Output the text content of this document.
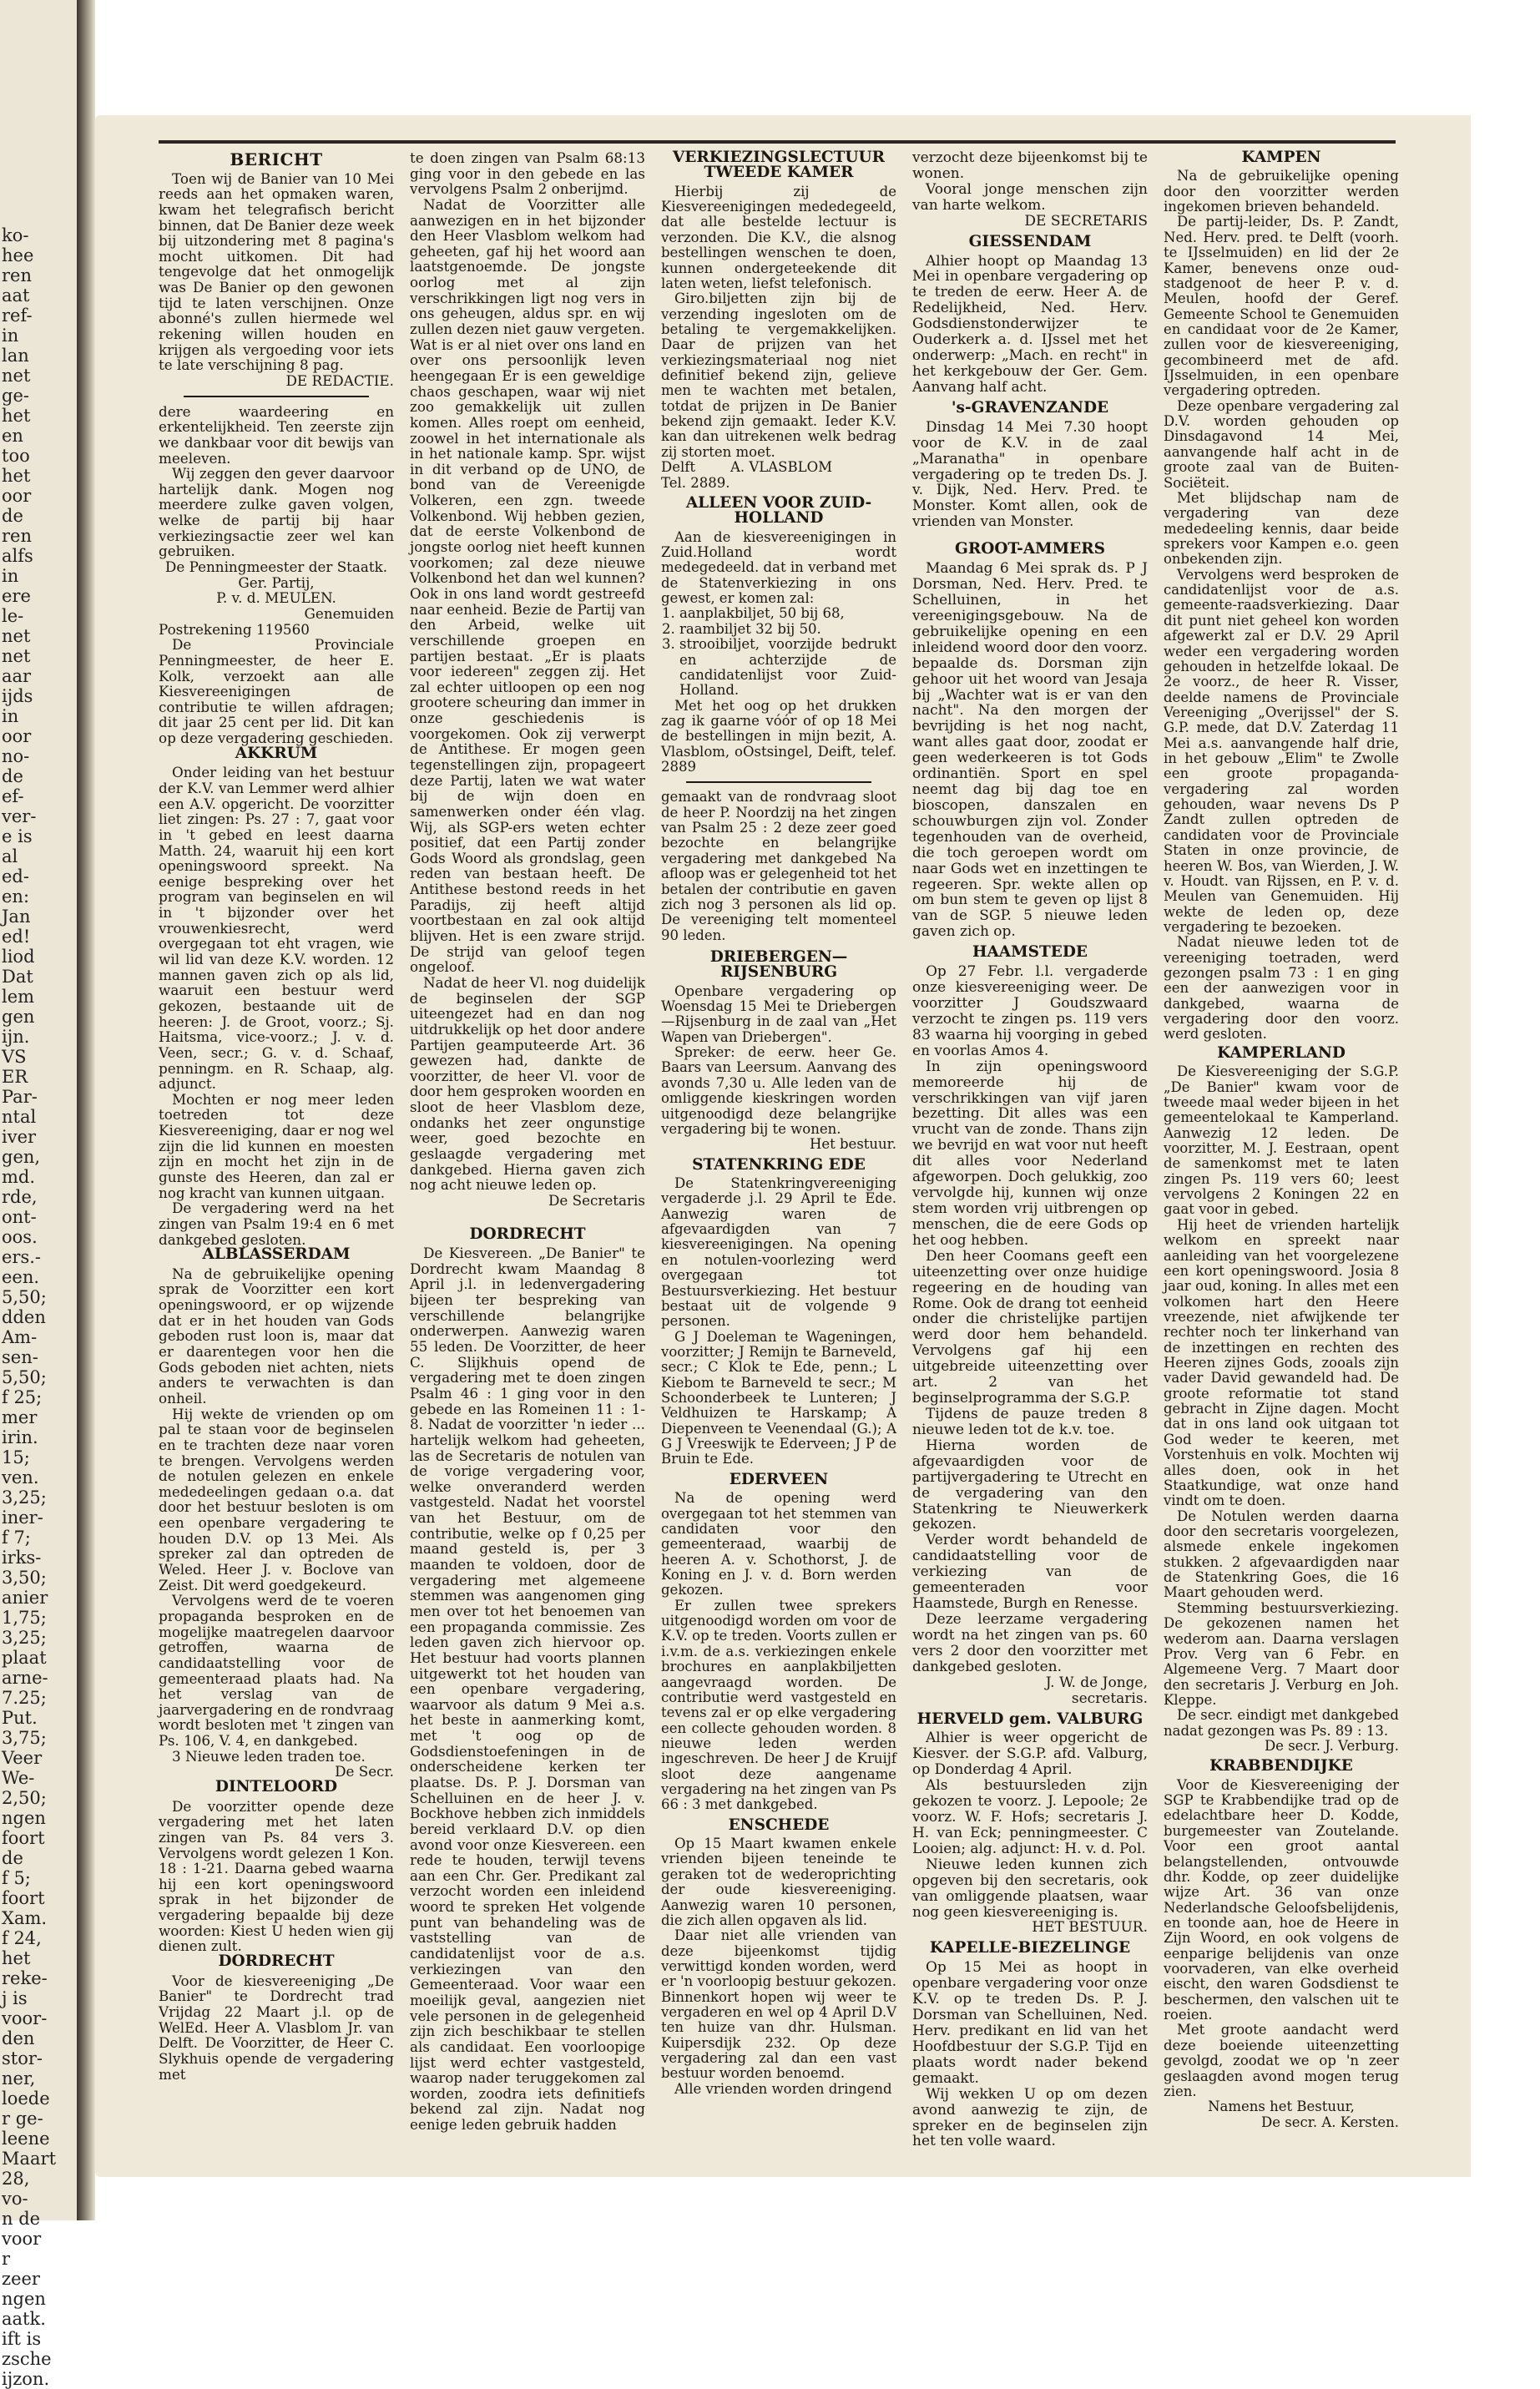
ko-
hee
ren
aat
ref-
in
lan
net
ge-
het
en
too
het
oor
de
ren
alfs
in
ere
le-
net
net
aar
ijds
in
oor
no-
de
ef-
ver-
e is
al
ed-
en:
Jan
ed!
liod
Dat
lem
gen
ijn.
VS
ER
Par-
ntal
iver
gen,
md.
rde,
ont-
oos.
ers.-
een.
5,50;
dden
Am-
sen-
5,50;
f 25;
mer
irin.
15;
ven.
3,25;
iner-
f 7;
irks-
3,50;
anier
1,75;
3,25;
plaat
arne-
7.25;
Put.
3,75;
Veer
We-
2,50;
ngen
foort
de
f 5;
foort
Xam.
f 24,
het
reke-
j is
voor-
den
stor-
ner,
loede
r ge-
leene
Maart
28,
vo-
n de
voor
r
zeer
ngen
aatk.
ift is
zsche
ijzon.
BERICHT

Toen wij de Banier van 10 Mei reeds aan het opmaken waren, kwam het telegrafisch bericht binnen, dat De Banier deze week bij uitzondering met 8 pagina's mocht uitkomen. Dit had tengevolge dat het onmogelijk was De Banier op den gewonen tijd te laten verschijnen. Onze abonné's zullen hiermede wel rekening willen houden en krijgen als vergoeding voor iets te late verschijning 8 pag.

DE REDACTIE.

dere waardeering en erkentelijkheid. Ten zeerste zijn we dankbaar voor dit bewijs van meeleven.

Wij zeggen den gever daarvoor hartelijk dank. Mogen nog meerdere zulke gaven volgen, welke de partij bij haar verkiezingsactie zeer wel kan gebruiken.

De Penningmeester der Staatk. Ger. Partij,

P. v. d. MEULEN.

Genemuiden

Postrekening 119560

De Provinciale Penningmeester, de heer E. Kolk, verzoekt aan alle Kiesvereenigingen de contributie te willen afdragen; dit jaar 25 cent per lid. Dit kan op deze vergadering geschieden.

AKKRUM

Onder leiding van het bestuur der K.V. van Lemmer werd alhier een A.V. opgericht. De voorzitter liet zingen: Ps. 27 : 7, gaat voor in 't gebed en leest daarna Matth. 24, waaruit hij een kort openingswoord spreekt. Na eenige bespreking over het program van beginselen en wil in 't bijzonder over het vrouwenkiesrecht, werd overgegaan tot eht vragen, wie wil lid van deze K.V. worden. 12 mannen gaven zich op als lid, waaruit een bestuur werd gekozen, bestaande uit de heeren: J. de Groot, voorz.; Sj. Haitsma, vice-voorz.; J. v. d. Veen, secr.; G. v. d. Schaaf, penningm. en R. Schaap, alg. adjunct.

Mochten er nog meer leden toetreden tot deze Kiesvereeniging, daar er nog wel zijn die lid kunnen en moesten zijn en mocht het zijn in de gunste des Heeren, dan zal er nog kracht van kunnen uitgaan.

De vergadering werd na het zingen van Psalm 19:4 en 6 met dankgebed gesloten.

ALBLASSERDAM

Na de gebruikelijke opening sprak de Voorzitter een kort openingswoord, er op wijzende dat er in het houden van Gods geboden rust loon is, maar dat er daarentegen voor hen die Gods geboden niet achten, niets anders te verwachten is dan onheil.

Hij wekte de vrienden op om pal te staan voor de beginselen en te trachten deze naar voren te brengen. Vervolgens werden de notulen gelezen en enkele mededeelingen gedaan o.a. dat door het bestuur besloten is om een openbare vergadering te houden D.V. op 13 Mei. Als spreker zal dan optreden de Weled. Heer J. v. Boclove van Zeist. Dit werd goedgekeurd.

Vervolgens werd de te voeren propaganda besproken en de mogelijke maatregelen daarvoor getroffen, waarna de candidaatstelling voor de gemeenteraad plaats had. Na het verslag van de jaarvergadering en de rondvraag wordt besloten met 't zingen van Ps. 106, V. 4, en dankgebed.

3 Nieuwe leden traden toe.

De Secr.

DINTELOORD

De voorzitter opende deze vergadering met het laten zingen van Ps. 84 vers 3. Vervolgens wordt gelezen 1 Kon. 18 : 1-21. Daarna gebed waarna hij een kort openingswoord sprak in het bijzonder de vergadering bepaalde bij deze woorden: Kiest U heden wien gij dienen zult.

DORDRECHT

Voor de kiesvereeniging „De Banier" te Dordrecht trad Vrijdag 22 Maart j.l. op de WelEd. Heer A. Vlasblom Jr. van Delft. De Voorzitter, de Heer C. Slykhuis opende de vergadering met

te doen zingen van Psalm 68:13 ging voor in den gebede en las vervolgens Psalm 2 onberijmd.

Nadat de Voorzitter alle aanwezigen en in het bijzonder den Heer Vlasblom welkom had geheeten, gaf hij het woord aan laatstgenoemde. De jongste oorlog met al zijn verschrikkingen ligt nog vers in ons geheugen, aldus spr. en wij zullen dezen niet gauw vergeten. Wat is er al niet over ons land en over ons persoonlijk leven heengegaan Er is een geweldige chaos geschapen, waar wij niet zoo gemakkelijk uit zullen komen. Alles roept om eenheid, zoowel in het internationale als in het nationale kamp. Spr. wijst in dit verband op de UNO, de bond van de Vereenigde Volkeren, een zgn. tweede Volkenbond. Wij hebben gezien, dat de eerste Volkenbond de jongste oorlog niet heeft kunnen voorkomen; zal deze nieuwe Volkenbond het dan wel kunnen? Ook in ons land wordt gestreefd naar eenheid. Bezie de Partij van den Arbeid, welke uit verschillende groepen en partijen bestaat. „Er is plaats voor iedereen" zeggen zij. Het zal echter uitloopen op een nog grootere scheuring dan immer in onze geschiedenis is voorgekomen. Ook zij verwerpt de Antithese. Er mogen geen tegenstellingen zijn, propageert deze Partij, laten we wat water bij de wijn doen en samenwerken onder één vlag. Wij, als SGP-ers weten echter positief, dat een Partij zonder Gods Woord als grondslag, geen reden van bestaan heeft. De Antithese bestond reeds in het Paradijs, zij heeft altijd voortbestaan en zal ook altijd blijven. Het is een zware strijd. De strijd van geloof tegen ongeloof.

Nadat de heer Vl. nog duidelijk de beginselen der SGP uiteengezet had en dan nog uitdrukkelijk op het door andere Partijen geamputeerde Art. 36 gewezen had, dankte de voorzitter, de heer Vl. voor de door hem gesproken woorden en sloot de heer Vlasblom deze, ondanks het zeer ongunstige weer, goed bezochte en geslaagde vergadering met dankgebed. Hierna gaven zich nog acht nieuwe leden op.

De Secretaris

DORDRECHT

De Kiesvereen. „De Banier" te Dordrecht kwam Maandag 8 April j.l. in ledenvergadering bijeen ter bespreking van verschillende belangrijke onderwerpen. Aanwezig waren 55 leden. De Voorzitter, de heer C. Slijkhuis opend de vergadering met te doen zingen Psalm 46 : 1 ging voor in den gebede en las Romeinen 11 : 1-8. Nadat de voorzitter 'n ieder ... hartelijk welkom had geheeten, las de Secretaris de notulen van de vorige vergadering voor, welke onveranderd werden vastgesteld. Nadat het voorstel van het Bestuur, om de contributie, welke op f 0,25 per maand gesteld is, per 3 maanden te voldoen, door de vergadering met algemeene stemmen was aangenomen ging men over tot het benoemen van een propaganda commissie. Zes leden gaven zich hiervoor op. Het bestuur had voorts plannen uitgewerkt tot het houden van een openbare vergadering, waarvoor als datum 9 Mei a.s. het beste in aanmerking komt, met 't oog op de Godsdienstoefeningen in de onderscheidene kerken ter plaatse. Ds. P. J. Dorsman van Schelluinen en de heer J. v. Bockhove hebben zich inmiddels bereid verklaard D.V. op dien avond voor onze Kiesvereen. een rede te houden, terwijl tevens aan een Chr. Ger. Predikant zal verzocht worden een inleidend woord te spreken Het volgende punt van behandeling was de vaststelling van de candidatenlijst voor de a.s. verkiezingen van den Gemeenteraad. Voor waar een moeilijk geval, aangezien niet vele personen in de gelegenheid zijn zich beschikbaar te stellen als candidaat. Een voorloopige lijst werd echter vastgesteld, waarop nader teruggekomen zal worden, zoodra iets definitiefs bekend zal zijn. Nadat nog eenige leden gebruik hadden

VERKIEZINGSLECTUUR
TWEEDE KAMER

Hierbij zij de Kiesvereenigingen mededegeeld, dat alle bestelde lectuur is verzonden. Die K.V., die alsnog bestellingen wenschen te doen, kunnen ondergeteekende dit laten weten, liefst telefonisch.

Giro.biljetten zijn bij de verzending ingesloten om de betaling te vergemakkelijken. Daar de prijzen van het verkiezingsmateriaal nog niet definitief bekend zijn, gelieve men te wachten met betalen, totdat de prijzen in De Banier bekend zijn gemaakt. Ieder K.V. kan dan uitrekenen welk bedrag zij storten moet.

Delft	A. VLASBLOM

Tel. 2889.

ALLEEN VOOR ZUID-HOLLAND

Aan de kiesvereenigingen in Zuid.Holland wordt medegedeeld. dat in verband met de Statenverkiezing in ons gewest, er komen zal:

1. aanplakbiljet, 50 bij 68,
2. raambiljet 32 bij 50.
3. strooibiljet, voorzijde bedrukt en achterzijde de candidatenlijst voor Zuid-Holland.

Met het oog op het drukken zag ik gaarne vóór of op 18 Mei de bestellingen in mijn bezit, A. Vlasblom, oOstsingel, Deift, telef. 2889

gemaakt van de rondvraag sloot de heer P. Noordzij na het zingen van Psalm 25 : 2 deze zeer goed bezochte en belangrijke vergadering met dankgebed Na afloop was er gelegenheid tot het betalen der contributie en gaven zich nog 3 personen als lid op. De vereeniging telt momenteel 90 leden.

DRIEBERGEN—RIJSENBURG

Openbare vergadering op Woensdag 15 Mei te Driebergen—Rijsenburg in de zaal van „Het Wapen van Driebergen".

Spreker: de eerw. heer Ge. Baars van Leersum. Aanvang des avonds 7,30 u. Alle leden van de omliggende kieskringen worden uitgenoodigd deze belangrijke vergadering bij te wonen.

Het bestuur.

STATENKRING EDE

De Statenkringvereeniging vergaderde j.l. 29 April te Ede. Aanwezig waren de afgevaardigden van 7 kiesvereenigingen. Na opening en notulen-voorlezing werd overgegaan tot Bestuursverkiezing. Het bestuur bestaat uit de volgende 9 personen.

G J Doeleman te Wageningen, voorzitter; J Remijn te Barneveld, secr.; C Klok te Ede, penn.; L Kiebom te Barneveld te secr.; M Schoonderbeek te Lunteren; J Veldhuizen te Harskamp; A Diepenveen te Veenendaal (G.); A G J Vreeswijk te Ederveen; J P de Bruin te Ede.

EDERVEEN

Na de opening werd overgegaan tot het stemmen van candidaten voor den gemeenteraad, waarbij de heeren A. v. Schothorst, J. de Koning en J. v. d. Born werden gekozen.

Er zullen twee sprekers uitgenoodigd worden om voor de K.V. op te treden. Voorts zullen er i.v.m. de a.s. verkiezingen enkele brochures en aanplakbiljetten aangevraagd worden. De contributie werd vastgesteld en tevens zal er op elke vergadering een collecte gehouden worden. 8 nieuwe leden werden ingeschreven. De heer J de Kruijf sloot deze aangename vergadering na het zingen van Ps 66 : 3 met dankgebed.

ENSCHEDE

Op 15 Maart kwamen enkele vrienden bijeen teneinde te geraken tot de wederoprichting der oude kiesvereeniging. Aanwezig waren 10 personen, die zich allen opgaven als lid.

Daar niet alle vrienden van deze bijeenkomst tijdig verwittigd konden worden, werd er 'n voorloopig bestuur gekozen. Binnenkort hopen wij weer te vergaderen en wel op 4 April D.V ten huize van dhr. Hulsman. Kuipersdijk 232. Op deze vergadering zal dan een vast bestuur worden benoemd.

Alle vrienden worden dringend

verzocht deze bijeenkomst bij te wonen.

Vooral jonge menschen zijn van harte welkom.

DE SECRETARIS

GIESSENDAM

Alhier hoopt op Maandag 13 Mei in openbare vergadering op te treden de eerw. Heer A. de Redelijkheid, Ned. Herv. Godsdienstonderwijzer te Ouderkerk a. d. IJssel met het onderwerp: „Mach. en recht" in het kerkgebouw der Ger. Gem. Aanvang half acht.

's-GRAVENZANDE

Dinsdag 14 Mei 7.30 hoopt voor de K.V. in de zaal „Maranatha" in openbare vergadering op te treden Ds. J. v. Dijk, Ned. Herv. Pred. te Monster. Komt allen, ook de vrienden van Monster.

GROOT-AMMERS

Maandag 6 Mei sprak ds. P J Dorsman, Ned. Herv. Pred. te Schelluinen, in het vereenigingsgebouw. Na de gebruikelijke opening en een inleidend woord door den voorz. bepaalde ds. Dorsman zijn gehoor uit het woord van Jesaja bij „Wachter wat is er van den nacht". Na den morgen der bevrijding is het nog nacht, want alles gaat door, zoodat er geen wederkeeren is tot Gods ordinantiën. Sport en spel neemt dag bij dag toe en bioscopen, danszalen en schouwburgen zijn vol. Zonder tegenhouden van de overheid, die toch geroepen wordt om naar Gods wet en inzettingen te regeeren. Spr. wekte allen op om bun stem te geven op lijst 8 van de SGP. 5 nieuwe leden gaven zich op.

HAAMSTEDE

Op 27 Febr. l.l. vergaderde onze kiesvereeniging weer. De voorzitter J Goudszwaard verzocht te zingen ps. 119 vers 83 waarna hij voorging in gebed en voorlas Amos 4.

In zijn openingswoord memoreerde hij de verschrikkingen van vijf jaren bezetting. Dit alles was een vrucht van de zonde. Thans zijn we bevrijd en wat voor nut heeft dit alles voor Nederland afgeworpen. Doch gelukkig, zoo vervolgde hij, kunnen wij onze stem worden vrij uitbrengen op menschen, die de eere Gods op het oog hebben.

Den heer Coomans geeft een uiteenzetting over onze huidige regeering en de houding van Rome. Ook de drang tot eenheid onder die christelijke partijen werd door hem behandeld. Vervolgens gaf hij een uitgebreide uiteenzetting over art. 2 van het beginselprogramma der S.G.P.

Tijdens de pauze treden 8 nieuwe leden tot de k.v. toe.

Hierna worden de afgevaardigden voor de partijvergadering te Utrecht en de vergadering van den Statenkring te Nieuwerkerk gekozen.

Verder wordt behandeld de candidaatstelling voor de verkiezing van de gemeenteraden voor Haamstede, Burgh en Renesse.

Deze leerzame vergadering wordt na het zingen van ps. 60 vers 2 door den voorzitter met dankgebed gesloten.

J. W. de Jonge,

secretaris.

HERVELD gem. VALBURG

Alhier is weer opgericht de Kiesver. der S.G.P. afd. Valburg, op Donderdag 4 April.

Als bestuursleden zijn gekozen te voorz. J. Lepoole; 2e voorz. W. F. Hofs; secretaris J. H. van Eck; penningmeester. C Looien; alg. adjunct: H. v. d. Pol.

Nieuwe leden kunnen zich opgeven bij den secretaris, ook van omliggende plaatsen, waar nog geen kiesvereeniging is.

HET BESTUUR.

KAPELLE-BIEZELINGE

Op 15 Mei as hoopt in openbare vergadering voor onze K.V. op te treden Ds. P. J. Dorsman van Schelluinen, Ned. Herv. predikant en lid van het Hoofdbestuur der S.G.P. Tijd en plaats wordt nader bekend gemaakt.

Wij wekken U op om dezen avond aanwezig te zijn, de spreker en de beginselen zijn het ten volle waard.

KAMPEN

Na de gebruikelijke opening door den voorzitter werden ingekomen brieven behandeld.

De partij-leider, Ds. P. Zandt, Ned. Herv. pred. te Delft (voorh. te IJsselmuiden) en lid der 2e Kamer, benevens onze oud-stadgenoot de heer P. v. d. Meulen, hoofd der Geref. Gemeente School te Genemuiden en candidaat voor de 2e Kamer, zullen voor de kiesvereeniging, gecombineerd met de afd. IJsselmuiden, in een openbare vergadering optreden.

Deze openbare vergadering zal D.V. worden gehouden op Dinsdagavond 14 Mei, aanvangende half acht in de groote zaal van de Buiten-Sociëteit.

Met blijdschap nam de vergadering van deze mededeeling kennis, daar beide sprekers voor Kampen e.o. geen onbekenden zijn.

Vervolgens werd besproken de candidatenlijst voor de a.s. gemeente-raadsverkiezing. Daar dit punt niet geheel kon worden afgewerkt zal er D.V. 29 April weder een vergadering worden gehouden in hetzelfde lokaal. De 2e voorz., de heer R. Visser, deelde namens de Provinciale Vereeniging „Overijssel" der S. G.P. mede, dat D.V. Zaterdag 11 Mei a.s. aanvangende half drie, in het gebouw „Elim" te Zwolle een groote propaganda-vergadering zal worden gehouden, waar nevens Ds P Zandt zullen optreden de candidaten voor de Provinciale Staten in onze provincie, de heeren W. Bos, van Wierden, J. W. v. Houdt. van Rijssen, en P. v. d. Meulen van Genemuiden. Hij wekte de leden op, deze vergadering te bezoeken.

Nadat nieuwe leden tot de vereeniging toetraden, werd gezongen psalm 73 : 1 en ging een der aanwezigen voor in dankgebed, waarna de vergadering door den voorz. werd gesloten.

KAMPERLAND

De Kiesvereeniging der S.G.P. „De Banier" kwam voor de tweede maal weder bijeen in het gemeentelokaal te Kamperland. Aanwezig 12 leden. De voorzitter, M. J. Eestraan, opent de samenkomst met te laten zingen Ps. 119 vers 60; leest vervolgens 2 Koningen 22 en gaat voor in gebed.

Hij heet de vrienden hartelijk welkom en spreekt naar aanleiding van het voorgelezene een kort openingswoord. Josia 8 jaar oud, koning. In alles met een volkomen hart den Heere vreezende, niet afwijkende ter rechter noch ter linkerhand van de inzettingen en rechten des Heeren zijnes Gods, zooals zijn vader David gewandeld had. De groote reformatie tot stand gebracht in Zijne dagen. Mocht dat in ons land ook uitgaan tot God weder te keeren, met Vorstenhuis en volk. Mochten wij alles doen, ook in het Staatkundige, wat onze hand vindt om te doen.

De Notulen werden daarna door den secretaris voorgelezen, alsmede enkele ingekomen stukken. 2 afgevaardigden naar de Statenkring Goes, die 16 Maart gehouden werd.

Stemming bestuursverkiezing. De gekozenen namen het wederom aan. Daarna verslagen Prov. Verg van 6 Febr. en Algemeene Verg. 7 Maart door den secretaris J. Verburg en Joh. Kleppe.

De secr. eindigt met dankgebed nadat gezongen was Ps. 89 : 13.

De secr. J. Verburg.

KRABBENDIJKE

Voor de Kiesvereeniging der SGP te Krabbendijke trad op de edelachtbare heer D. Kodde, burgemeester van Zoutelande. Voor een groot aantal belangstellenden, ontvouwde dhr. Kodde, op zeer duidelijke wijze Art. 36 van onze Nederlandsche Geloofsbelijdenis, en toonde aan, hoe de Heere in Zijn Woord, en ook volgens de eenparige belijdenis van onze voorvaderen, van elke overheid eischt, den waren Godsdienst te beschermen, den valschen uit te roeien.

Met groote aandacht werd deze boeiende uiteenzetting gevolgd, zoodat we op 'n zeer geslaagden avond mogen terug zien.

Namens het Bestuur,

De secr. A. Kersten.
